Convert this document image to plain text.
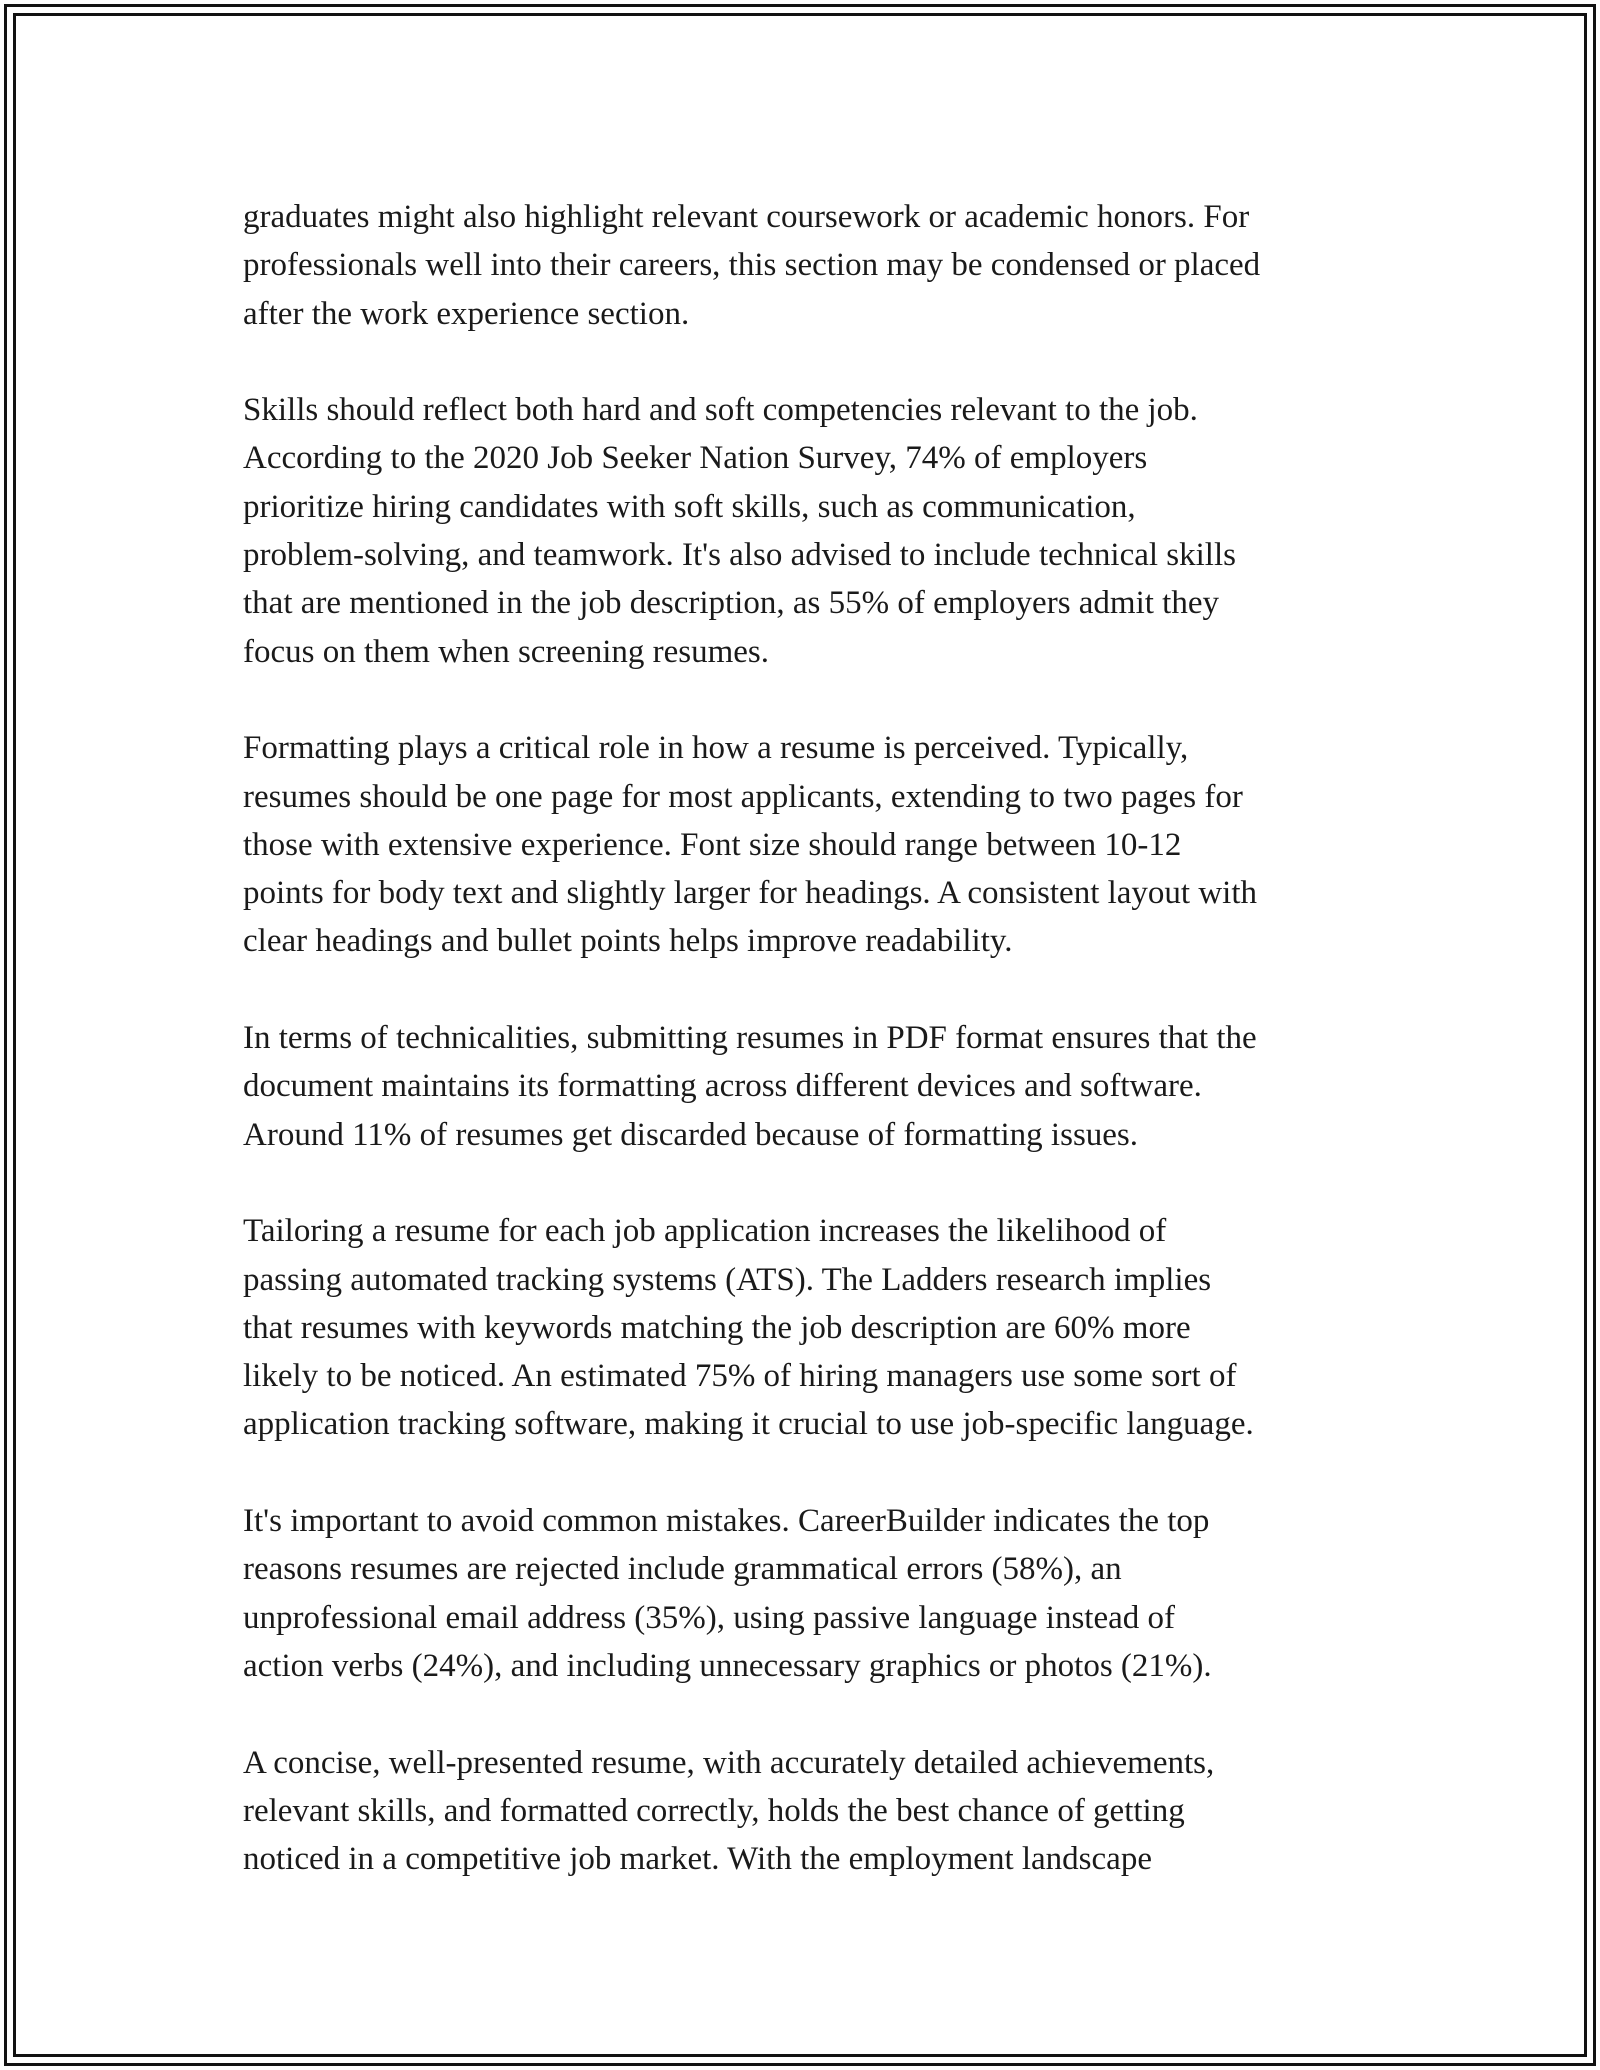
graduates might also highlight relevant coursework or academic honors. For
professionals well into their careers, this section may be condensed or placed
after the work experience section.

Skills should reflect both hard and soft competencies relevant to the job.
According to the 2020 Job Seeker Nation Survey, 74% of employers
prioritize hiring candidates with soft skills, such as communication,
problem-solving, and teamwork. It's also advised to include technical skills
that are mentioned in the job description, as 55% of employers admit they
focus on them when screening resumes.

Formatting plays a critical role in how a resume is perceived. Typically,
resumes should be one page for most applicants, extending to two pages for
those with extensive experience. Font size should range between 10-12
points for body text and slightly larger for headings. A consistent layout with
clear headings and bullet points helps improve readability.

In terms of technicalities, submitting resumes in PDF format ensures that the
document maintains its formatting across different devices and software.
Around 11% of resumes get discarded because of formatting issues.

Tailoring a resume for each job application increases the likelihood of
passing automated tracking systems (ATS). The Ladders research implies
that resumes with keywords matching the job description are 60% more
likely to be noticed. An estimated 75% of hiring managers use some sort of
application tracking software, making it crucial to use job-specific language.

It's important to avoid common mistakes. CareerBuilder indicates the top
reasons resumes are rejected include grammatical errors (58%), an
unprofessional email address (35%), using passive language instead of
action verbs (24%), and including unnecessary graphics or photos (21%).

A concise, well-presented resume, with accurately detailed achievements,
relevant skills, and formatted correctly, holds the best chance of getting
noticed in a competitive job market. With the employment landscape
